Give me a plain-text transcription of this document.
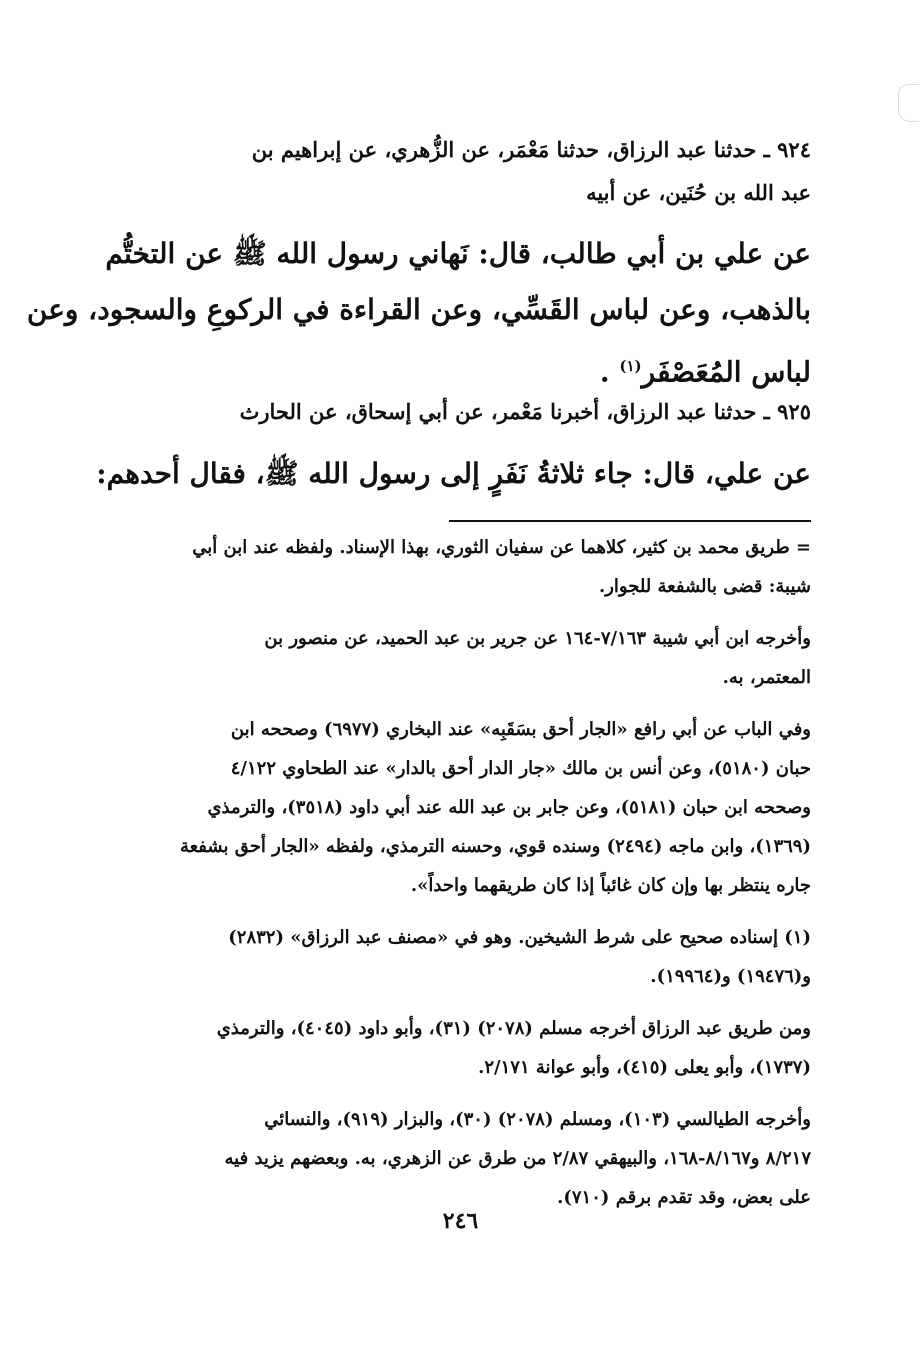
٩٢٤ ـ حدثنا عبد الرزاق، حدثنا مَعْمَر، عن الزُّهري، عن إبراهيم بن
عبد الله بن حُنَين، عن أبيه
عن علي بن أبي طالب، قال: نَهاني رسول الله ﷺ عن التختُّم
بالذهب، وعن لباس القَسِّي، وعن القراءة في الركوعِ والسجود، وعن
لباس المُعَصْفَر$^{(١)}$ .
٩٢٥ ـ حدثنا عبد الرزاق، أخبرنا مَعْمر، عن أبي إسحاق، عن الحارث
عن علي، قال: جاء ثلاثةُ نَفَرٍ إلى رسول الله ﷺ، فقال أحدهم:

= طريق محمد بن كثير، كلاهما عن سفيان الثوري، بهذا الإسناد. ولفظه عند ابن أبي
شيبة: قضى بالشفعة للجوار.

وأخرجه ابن أبي شيبة ٧/١٦٣-١٦٤ عن جرير بن عبد الحميد، عن منصور بن
المعتمر، به.

وفي الباب عن أبي رافع «الجار أحق بسَقَبِه» عند البخاري (٦٩٧٧) وصححه ابن
حبان (٥١٨٠)، وعن أنس بن مالك «جار الدار أحق بالدار» عند الطحاوي ٤/١٢٢
وصححه ابن حبان (٥١٨١)، وعن جابر بن عبد الله عند أبي داود (٣٥١٨)، والترمذي
(١٣٦٩)، وابن ماجه (٢٤٩٤) وسنده قوي، وحسنه الترمذي، ولفظه «الجار أحق بشفعة
جاره ينتظر بها وإن كان غائباً إذا كان طريقهما واحداً».

(١) إسناده صحيح على شرط الشيخين. وهو في «مصنف عبد الرزاق» (٢٨٣٢)
و(١٩٤٧٦) و(١٩٩٦٤).

ومن طريق عبد الرزاق أخرجه مسلم (٢٠٧٨) (٣١)، وأبو داود (٤٠٤٥)، والترمذي
(١٧٣٧)، وأبو يعلى (٤١٥)، وأبو عوانة ٢/١٧١.

وأخرجه الطيالسي (١٠٣)، ومسلم (٢٠٧٨) (٣٠)، والبزار (٩١٩)، والنسائي
٨/٢١٧ و٨/١٦٧-١٦٨، والبيهقي ٢/٨٧ من طرق عن الزهري، به. وبعضهم يزيد فيه
على بعض، وقد تقدم برقم (٧١٠).

٢٤٦
